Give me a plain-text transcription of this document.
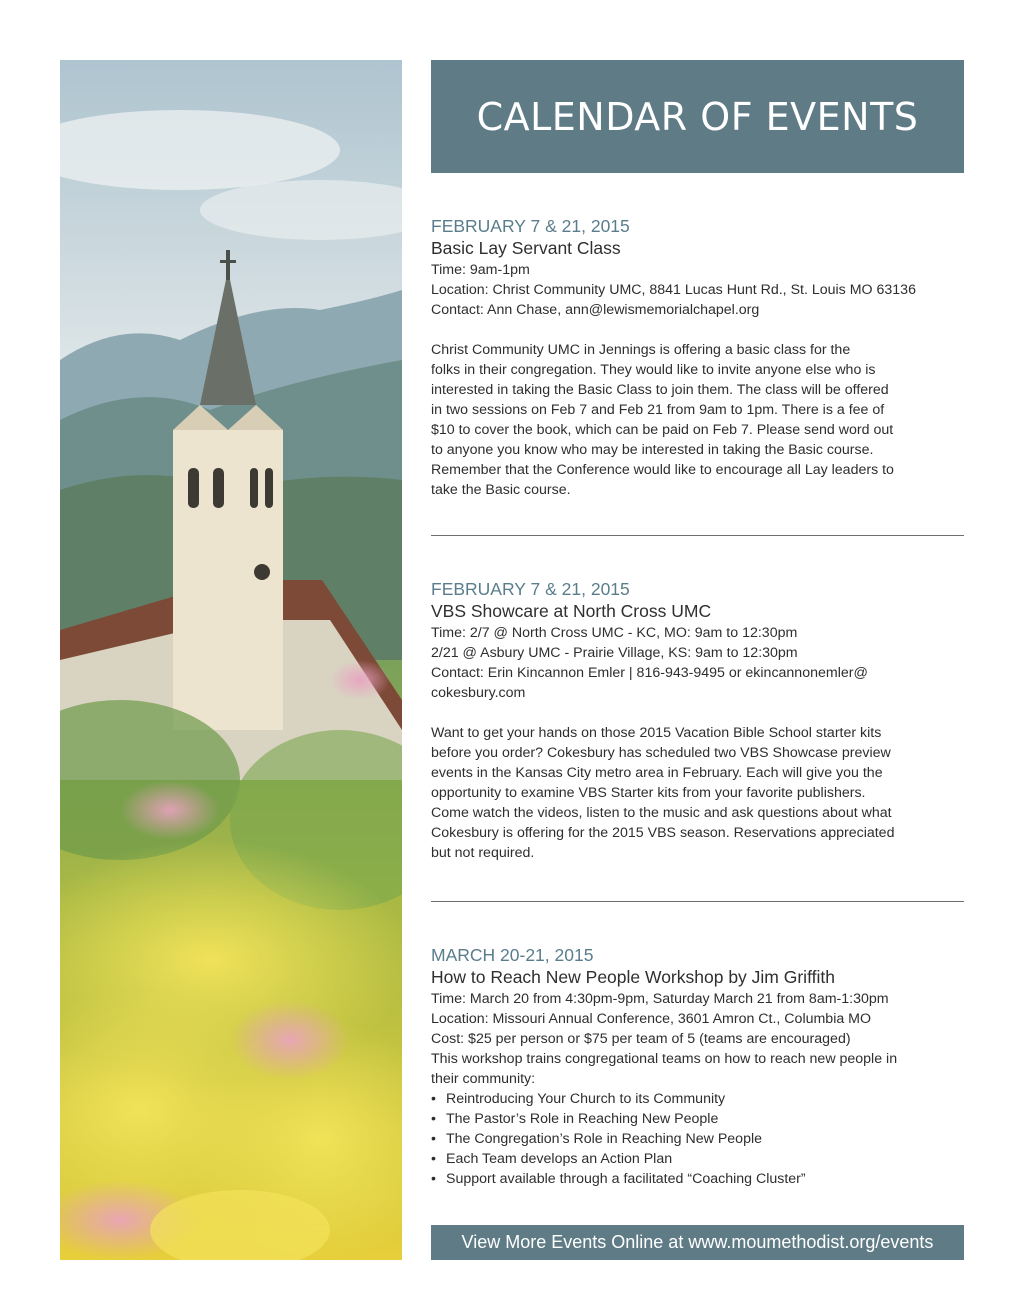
CALENDAR OF EVENTS
FEBRUARY 7 & 21, 2015
Basic Lay Servant Class
Time: 9am-1pm
Location: Christ Community UMC, 8841 Lucas Hunt Rd., St. Louis MO 63136
Contact: Ann Chase, ann@lewismemorialchapel.org
Christ Community UMC in Jennings is offering a basic class for the
folks in their congregation. They would like to invite anyone else who is
interested in taking the Basic Class to join them. The class will be offered
in two sessions on Feb 7 and Feb 21 from 9am to 1pm. There is a fee of
$10 to cover the book, which can be paid on Feb 7. Please send word out
to anyone you know who may be interested in taking the Basic course.
Remember that the Conference would like to encourage all Lay leaders to
take the Basic course.
FEBRUARY 7 & 21, 2015
VBS Showcare at North Cross UMC
Time: 2/7 @ North Cross UMC - KC, MO: 9am to 12:30pm
2/21 @ Asbury UMC - Prairie Village, KS: 9am to 12:30pm
Contact: Erin Kincannon Emler | 816-943-9495 or ekincannonemler@
cokesbury.com
Want to get your hands on those 2015 Vacation Bible School starter kits
before you order? Cokesbury has scheduled two VBS Showcase preview
events in the Kansas City metro area in February. Each will give you the
opportunity to examine VBS Starter kits from your favorite publishers.
Come watch the videos, listen to the music and ask questions about what
Cokesbury is offering for the 2015 VBS season. Reservations appreciated
but not required.
MARCH 20-21, 2015
How to Reach New People Workshop by Jim Griffith
Time: March 20 from 4:30pm-9pm, Saturday March 21 from 8am-1:30pm
Location: Missouri Annual Conference, 3601 Amron Ct., Columbia MO
Cost: $25 per person or $75 per team of 5 (teams are encouraged)
This workshop trains congregational teams on how to reach new people in
their community:
• Reintroducing Your Church to its Community
• The Pastor’s Role in Reaching New People
• The Congregation’s Role in Reaching New People
• Each Team develops an Action Plan
• Support available through a facilitated “Coaching Cluster”
View More Events Online at www.moumethodist.org/events
